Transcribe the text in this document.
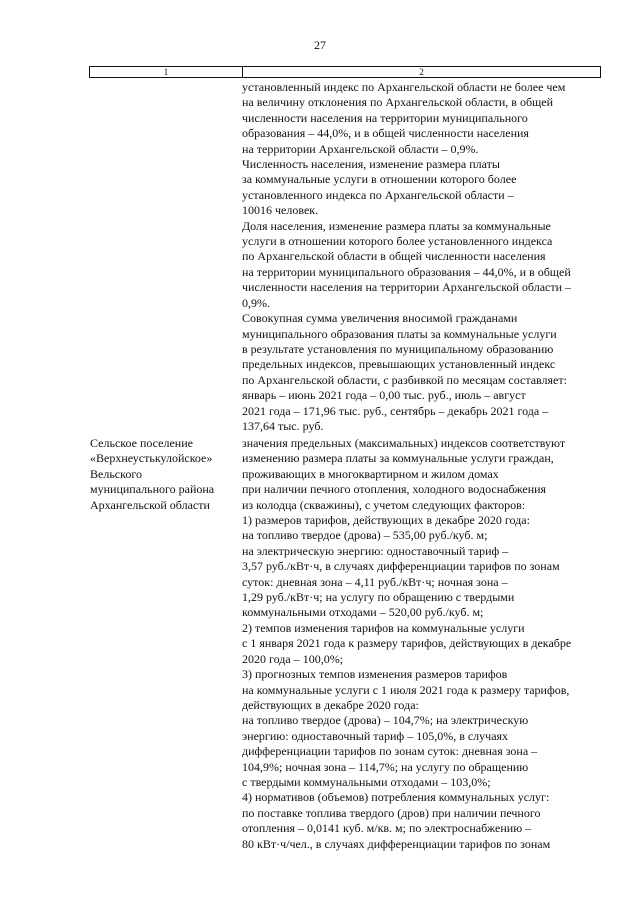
27
1	2
установленный индекс по Архангельской области не более чем
на величину отклонения по Архангельской области, в общей
численности населения на территории муниципального
образования – 44,0%, и в общей численности населения
на территории Архангельской области – 0,9%.
Численность населения, изменение размера платы
за коммунальные услуги в отношении которого более
установленного индекса по Архангельской области –
10016 человек.
Доля населения, изменение размера платы за коммунальные
услуги в отношении которого более установленного индекса
по Архангельской области в общей численности населения
на территории муниципального образования – 44,0%, и в общей
численности населения на территории Архангельской области –
0,9%.
Совокупная сумма увеличения вносимой гражданами
муниципального образования платы за коммунальные услуги
в результате установления по муниципальному образованию
предельных индексов, превышающих установленный индекс
по Архангельской области, с разбивкой по месяцам составляет:
январь – июнь 2021 года – 0,00 тыс. руб., июль – август
2021 года – 171,96 тыс. руб., сентябрь – декабрь 2021 года –
137,64 тыс. руб.
Сельское поселение
«Верхнеустькулойское»
Вельского
муниципального района
Архангельской области
значения предельных (максимальных) индексов соответствуют
изменению размера платы за коммунальные услуги граждан,
проживающих в многоквартирном и жилом домах
при наличии печного отопления, холодного водоснабжения
из колодца (скважины), с учетом следующих факторов:
1) размеров тарифов, действующих в декабре 2020 года:
на топливо твердое (дрова) – 535,00 руб./куб. м;
на электрическую энергию: одноставочный тариф –
3,57 руб./кВт·ч, в случаях дифференциации тарифов по зонам
суток: дневная зона – 4,11 руб./кВт·ч; ночная зона –
1,29 руб./кВт·ч; на услугу по обращению с твердыми
коммунальными отходами – 520,00 руб./куб. м;
2) темпов изменения тарифов на коммунальные услуги
с 1 января 2021 года к размеру тарифов, действующих в декабре
2020 года – 100,0%;
3) прогнозных темпов изменения размеров тарифов
на коммунальные услуги с 1 июля 2021 года к размеру тарифов,
действующих в декабре 2020 года:
на топливо твердое (дрова) – 104,7%; на электрическую
энергию: одноставочный тариф – 105,0%, в случаях
дифференциации тарифов по зонам суток: дневная зона –
104,9%; ночная зона – 114,7%; на услугу по обращению
с твердыми коммунальными отходами – 103,0%;
4) нормативов (объемов) потребления коммунальных услуг:
по поставке топлива твердого (дров) при наличии печного
отопления – 0,0141 куб. м/кв. м; по электроснабжению –
80 кВт·ч/чел., в случаях дифференциации тарифов по зонам
